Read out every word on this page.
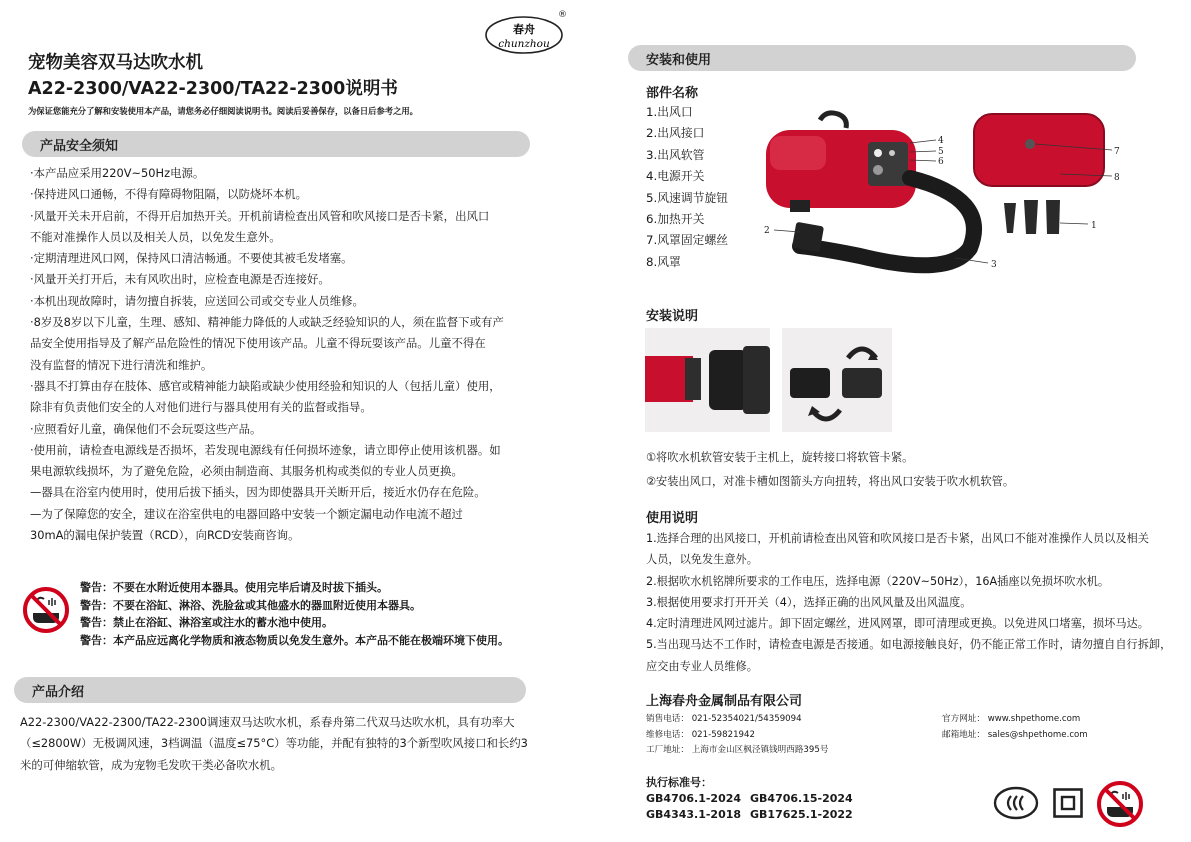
春舟
chunzhou
®
宠物美容双马达吹水机
A22-2300/VA22-2300/TA22-2300说明书
为保证您能充分了解和安装使用本产品，请您务必仔细阅读说明书。阅读后妥善保存，以备日后参考之用。
产品安全须知

·本产品应采用220V~50Hz电源。

·保持进风口通畅，不得有障碍物阻隔，以防烧坏本机。

·风量开关未开启前，不得开启加热开关。开机前请检查出风管和吹风接口是否卡紧，出风口

不能对准操作人员以及相关人员，以免发生意外。

·定期清理进风口网，保持风口清洁畅通。不要使其被毛发堵塞。

·风量开关打开后，未有风吹出时，应检查电源是否连接好。

·本机出现故障时，请勿擅自拆装，应送回公司或交专业人员维修。

·8岁及8岁以下儿童，生理、感知、精神能力降低的人或缺乏经验知识的人，须在监督下或有产

品安全使用指导及了解产品危险性的情况下使用该产品。儿童不得玩耍该产品。儿童不得在

没有监督的情况下进行清洗和维护。

·器具不打算由存在肢体、感官或精神能力缺陷或缺少使用经验和知识的人（包括儿童）使用，

除非有负责他们安全的人对他们进行与器具使用有关的监督或指导。

·应照看好儿童，确保他们不会玩耍这些产品。

·使用前，请检查电源线是否损坏，若发现电源线有任何损坏迹象，请立即停止使用该机器。如

果电源软线损坏，为了避免危险，必须由制造商、其服务机构或类似的专业人员更换。

—器具在浴室内使用时，使用后拔下插头，因为即使器具开关断开后，接近水仍存在危险。

—为了保障您的安全，建议在浴室供电的电器回路中安装一个额定漏电动作电流不超过

30mA的漏电保护装置（RCD），向RCD安装商咨询。

警告：不要在水附近使用本器具。使用完毕后请及时拔下插头。

警告：不要在浴缸、淋浴、洗脸盆或其他盛水的器皿附近使用本器具。

警告：禁止在浴缸、淋浴室或注水的蓄水池中使用。

警告：本产品应远离化学物质和液态物质以免发生意外。本产品不能在极端环境下使用。

产品介绍

A22-2300/VA22-2300/TA22-2300调速双马达吹水机，系春舟第二代双马达吹水机，具有功率大

（≤2800W）无极调风速，3档调温（温度≤75°C）等功能，并配有独特的3个新型吹风接口和长约3

米的可伸缩软管，成为宠物毛发吹干类必备吹水机。

安装和使用
部件名称

1.出风口

2.出风接口

3.出风软管

4.电源开关

5.风速调节旋钮

6.加热开关

7.风罩固定螺丝

8.风罩

4
5
6
7
8
1
2
3
安装说明

①将吹水机软管安装于主机上，旋转接口将软管卡紧。

②安装出风口，对准卡槽如图箭头方向扭转，将出风口安装于吹水机软管。

使用说明

1.选择合理的出风接口，开机前请检查出风管和吹风接口是否卡紧，出风口不能对准操作人员以及相关

人员，以免发生意外。

2.根据吹水机铭牌所要求的工作电压，选择电源（220V~50Hz），16A插座以免损坏吹水机。

3.根据使用要求打开开关（4），选择正确的出风风量及出风温度。

4.定时清理进风网过滤片。卸下固定螺丝，进风网罩，即可清理或更换。以免进风口堵塞，损坏马达。

5.当出现马达不工作时，请检查电源是否接通。如电源接触良好，仍不能正常工作时，请勿擅自自行拆卸，

应交由专业人员维修。

上海春舟金属制品有限公司

销售电话： 021-52354021/54359094

维修电话： 021-59821942

工厂地址： 上海市金山区枫泾镇钱明西路395号

官方网址： www.shpethome.com

邮箱地址： sales@shpethome.com

执行标准号：

GB4706.1-2024 GB4706.15-2024

GB4343.1-2018 GB17625.1-2022
